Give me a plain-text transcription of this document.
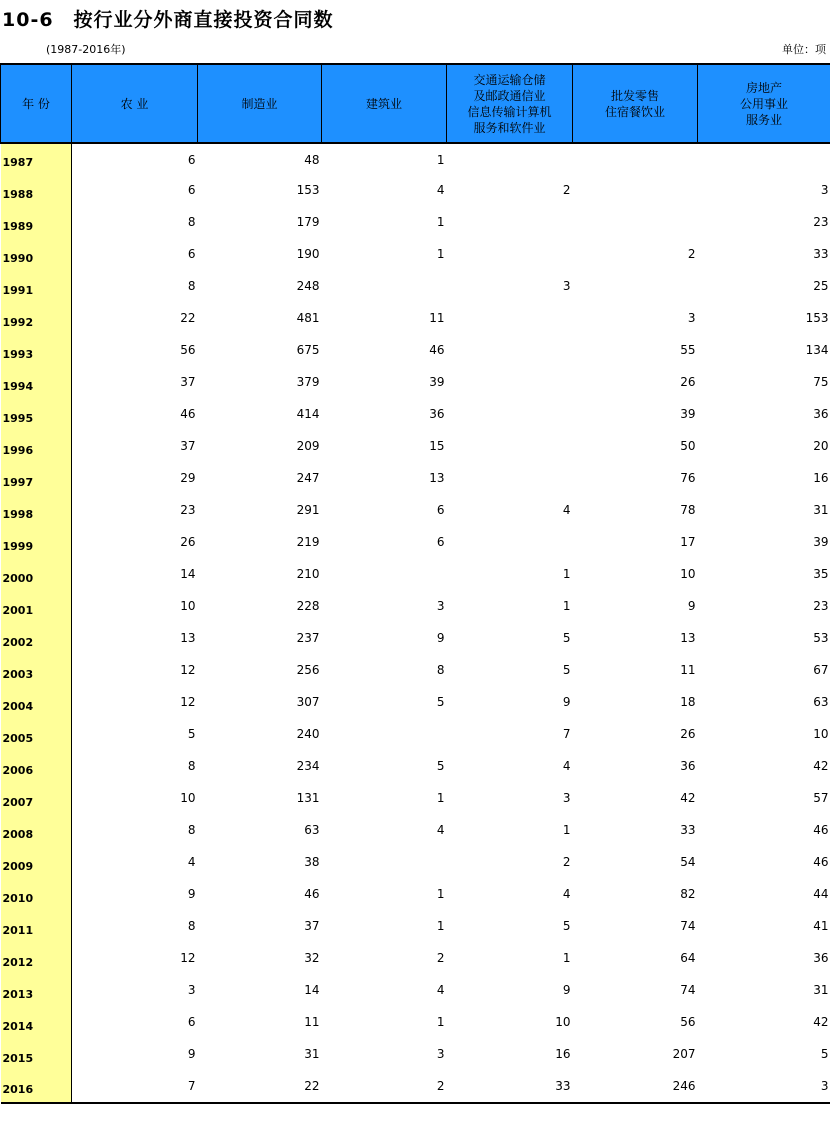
10-6　按行业分外商直接投资合同数
(1987-2016年)	单位：项
年 份	农 业	制造业	建筑业	交通运输仓储
及邮政通信业
信息传输计算机
服务和软件业	批发零售
住宿餐饮业	房地产
公用事业
服务业
1987	6	48	1			
1988	6	153	4	2		3
1989	8	179	1			23
1990	6	190	1		2	33
1991	8	248		3		25
1992	22	481	11		3	153
1993	56	675	46		55	134
1994	37	379	39		26	75
1995	46	414	36		39	36
1996	37	209	15		50	20
1997	29	247	13		76	16
1998	23	291	6	4	78	31
1999	26	219	6		17	39
2000	14	210		1	10	35
2001	10	228	3	1	9	23
2002	13	237	9	5	13	53
2003	12	256	8	5	11	67
2004	12	307	5	9	18	63
2005	5	240		7	26	10
2006	8	234	5	4	36	42
2007	10	131	1	3	42	57
2008	8	63	4	1	33	46
2009	4	38		2	54	46
2010	9	46	1	4	82	44
2011	8	37	1	5	74	41
2012	12	32	2	1	64	36
2013	3	14	4	9	74	31
2014	6	11	1	10	56	42
2015	9	31	3	16	207	5
2016	7	22	2	33	246	3
